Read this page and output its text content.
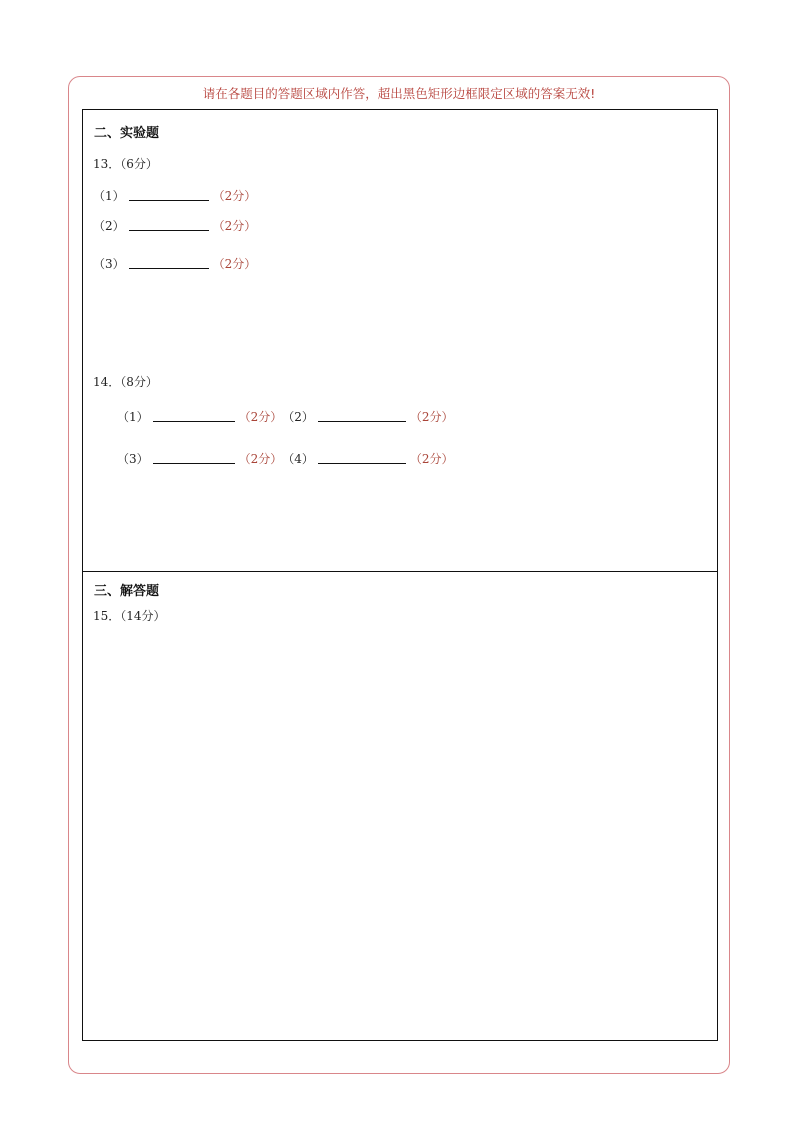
请在各题目的答题区域内作答，超出黑色矩形边框限定区域的答案无效!
二、实验题
13．（6分）
（1）	（2分）
（2）	（2分）
（3）	（2分）
14．（8分）
（1）	（2分） （2）	（2分）
（3）	（2分） （4）	（2分）
三、解答题
15．（14分）
